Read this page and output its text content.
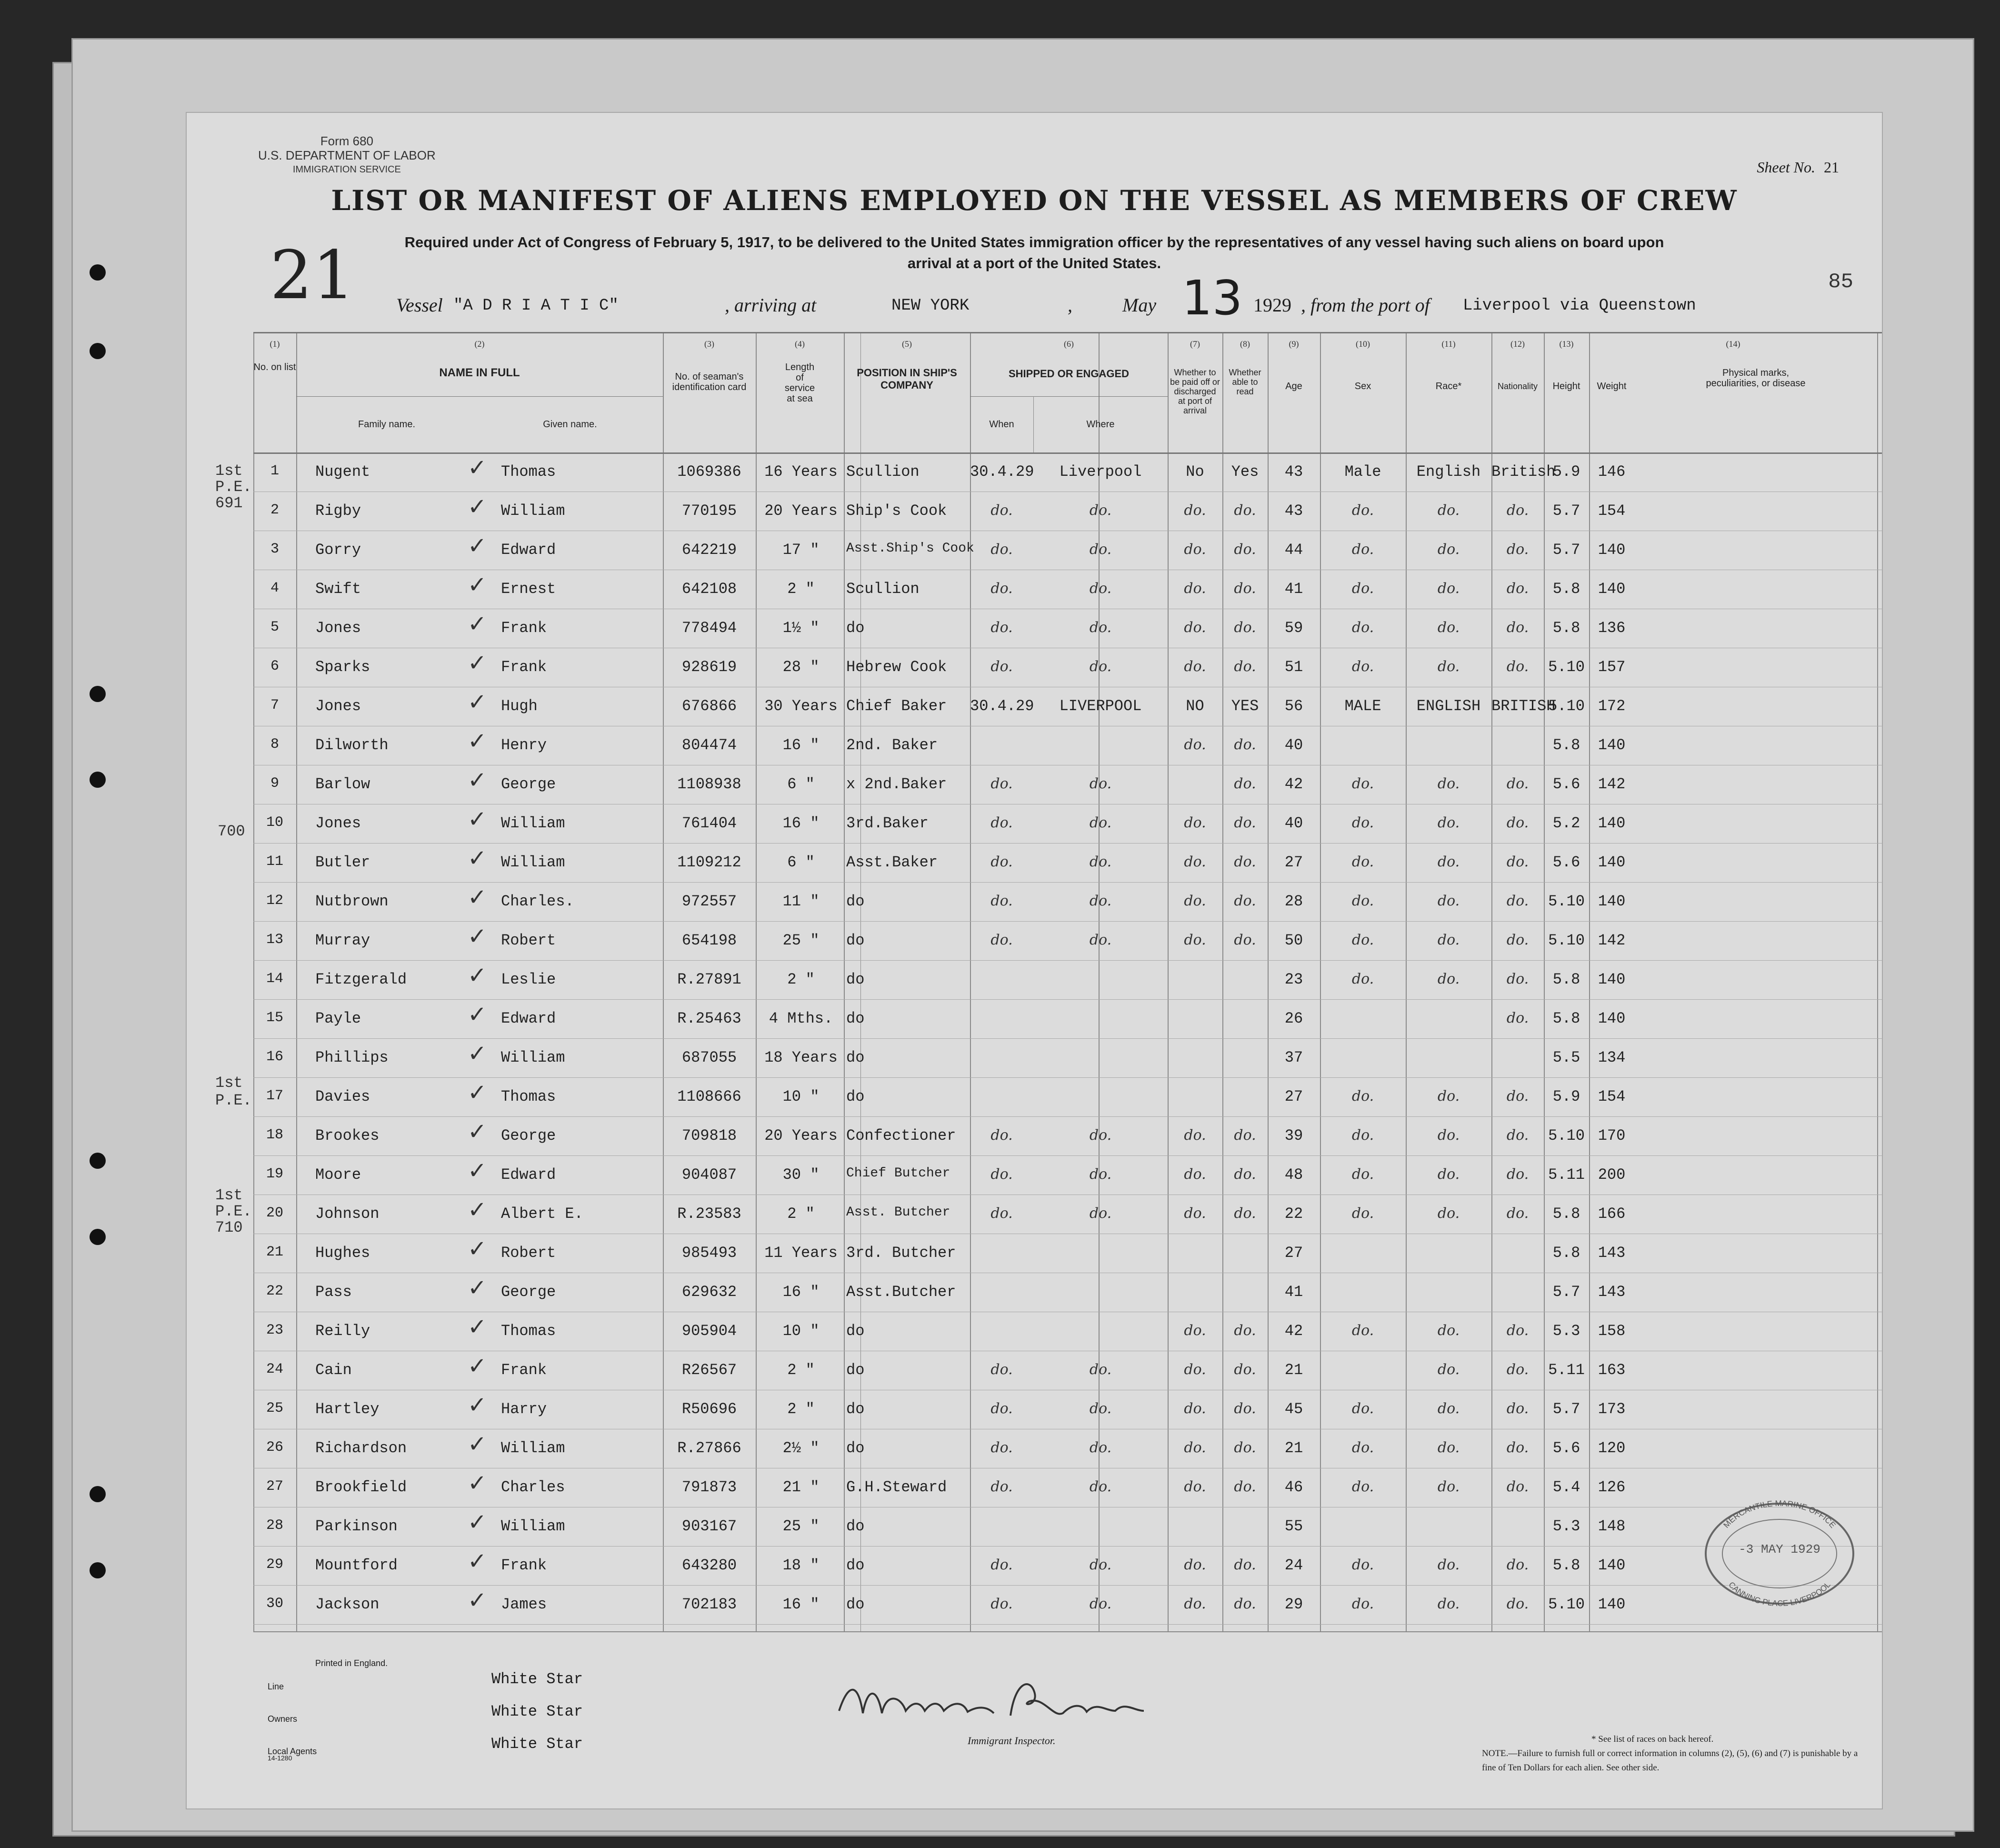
Form 680
U.S. DEPARTMENT OF LABOR
IMMIGRATION SERVICE	Sheet No. 21
21
LIST OR MANIFEST OF ALIENS EMPLOYED ON THE VESSEL AS MEMBERS OF CREW
Required under Act of Congress of February 5, 1917, to be delivered to the United States immigration officer by the representatives of any vessel having such aliens on board upon arrival at a port of the United States.
85
Vessel "A D R I A T I C"	, arriving at	NEW YORK	,	May 13 1929 , from the port of Liverpool via Queenstown
(1)	(2)	(3)	(4)	(5)	(6)	(7)	(8)	(9)	(10)	(11)	(12)	(13)	(14)
No. on list	NAME IN FULL
Family name.	Given name.
No. of seaman's identification card
Length of service at sea
POSITION IN SHIP'S COMPANY
SHIPPED OR ENGAGED
When	Where
Whether to be paid off or discharged at port of arrival
Whether able to read	Age	Sex	Race*	Nationality	Height	Weight
Physical marks, peculiarities, or disease
1	Nugent	Thomas	1069386	16 Years Scullion	30.4.29	Liverpool	No	Yes	43	Male	English British
5.9	146
✓
2	Rigby	William	770195	20 Years Ship's Cook	do.	do.	do.	do.	43	do.	do.	do.	5.7	154
✓
3	Gorry	Edward	642219	17 "	Asst.Ship's Cook	do.	do.	do.	do.	44	do.	do.	do.	5.7	140
✓
4	Swift	Ernest	642108	2 "	Scullion	do.	do.	do.	do.	41	do.	do.	do.	5.8	140
✓
5	Jones	Frank	778494	1½ "	do	do.	do.	do.	do.	59	do.	do.	do.	5.8	136
✓
6	Sparks	Frank	928619	28 "	Hebrew Cook	do.	do.	do.	do.	51	do.	do.	do.	5.10 157
✓
7	Jones	Hugh	676866	30 Years Chief Baker	30.4.29	LIVERPOOL	NO	YES	56	MALE	ENGLISH BRITISH
5.10 172
✓
8	Dilworth	Henry	804474	16 "	2nd. Baker	do.	do.	40	5.8	140
✓
9	Barlow	George	1108938	6 "	x 2nd.Baker	do.	do.	do.	42	do.	do.	do.	5.6	142
✓
10	Jones	William	761404	16 "	3rd.Baker	do.	do.	do.	do.	40	do.	do.	do.	5.2	140
✓
11	Butler	William	1109212	6 "	Asst.Baker	do.	do.	do.	do.	27	do.	do.	do.	5.6	140
✓
12	Nutbrown	Charles.	972557	11 "	do	do.	do.	do.	do.	28	do.	do.	do.	5.10 140
✓
13	Murray	Robert	654198	25 "	do	do.	do.	do.	do.	50	do.	do.	do.	5.10 142
✓
14	Fitzgerald	Leslie	R.27891	2 "	do	23	do.	do.	do.	5.8	140
✓
15	Payle	Edward	R.25463	4 Mths. do	26	do.	5.8	140
✓
16	Phillips	William	687055	18 Years do	37	5.5	134
✓
17	Davies	Thomas	1108666	10 "	do	27	do.	do.	do.	5.9	154
✓
18	Brookes	George	709818	20 Years Confectioner	do.	do.	do.	do.	39	do.	do.	do.	5.10 170
✓
19	Moore	Edward	904087	30 "	Chief Butcher	do.	do.	do.	do.	48	do.	do.	do.	5.11 200
✓
20	Johnson	Albert E.	R.23583	2 "	Asst. Butcher	do.	do.	do.	do.	22	do.	do.	do.	5.8	166
✓
21	Hughes	Robert	985493	11 Years 3rd. Butcher	27	5.8	143
✓
22	Pass	George	629632	16 "	Asst.Butcher	41	5.7	143
✓
23	Reilly	Thomas	905904	10 "	do	do.	do.	42	do.	do.	do.	5.3	158
✓
24	Cain	Frank	R26567	2 "	do	do.	do.	do.	do.	21	do.	do.	5.11 163
✓
25	Hartley	Harry	R50696	2 "	do	do.	do.	do.	do.	45	do.	do.	do.	5.7	173
✓
26	Richardson	William	R.27866	2½ "	do	do.	do.	do.	do.	21	do.	do.	do.	5.6	120
✓
27	Brookfield	Charles	791873	21 "	G.H.Steward	do.	do.	do.	do.	46	do.	do.	do.	5.4	126
✓
28	Parkinson	William	903167	25 "	do	55	5.3	148
✓
29	Mountford	Frank	643280	18 "	do	do.	do.	do.	do.	24	do.	do.	do.	5.8	140
✓
30	Jackson	James	702183	16 "	do	do.	do.	do.	do.	29	do.	do.	do.	5.10 140
✓
1st P.E. 691
700
1st P.E.
1st P.E. 710
Printed in England.
Line	White Star
Owners	White Star
Local Agents	White Star
14-1280
Immigrant Inspector.	* See list of races on back hereof.
NOTE.—Failure to furnish full or correct information in columns (2), (5), (6) and (7) is punishable by a fine of Ten Dollars for each alien. See other side.
-3 MAY 1929
MERCANTILE MARINE OFFICE
CANNING PLACE LIVERPOOL
